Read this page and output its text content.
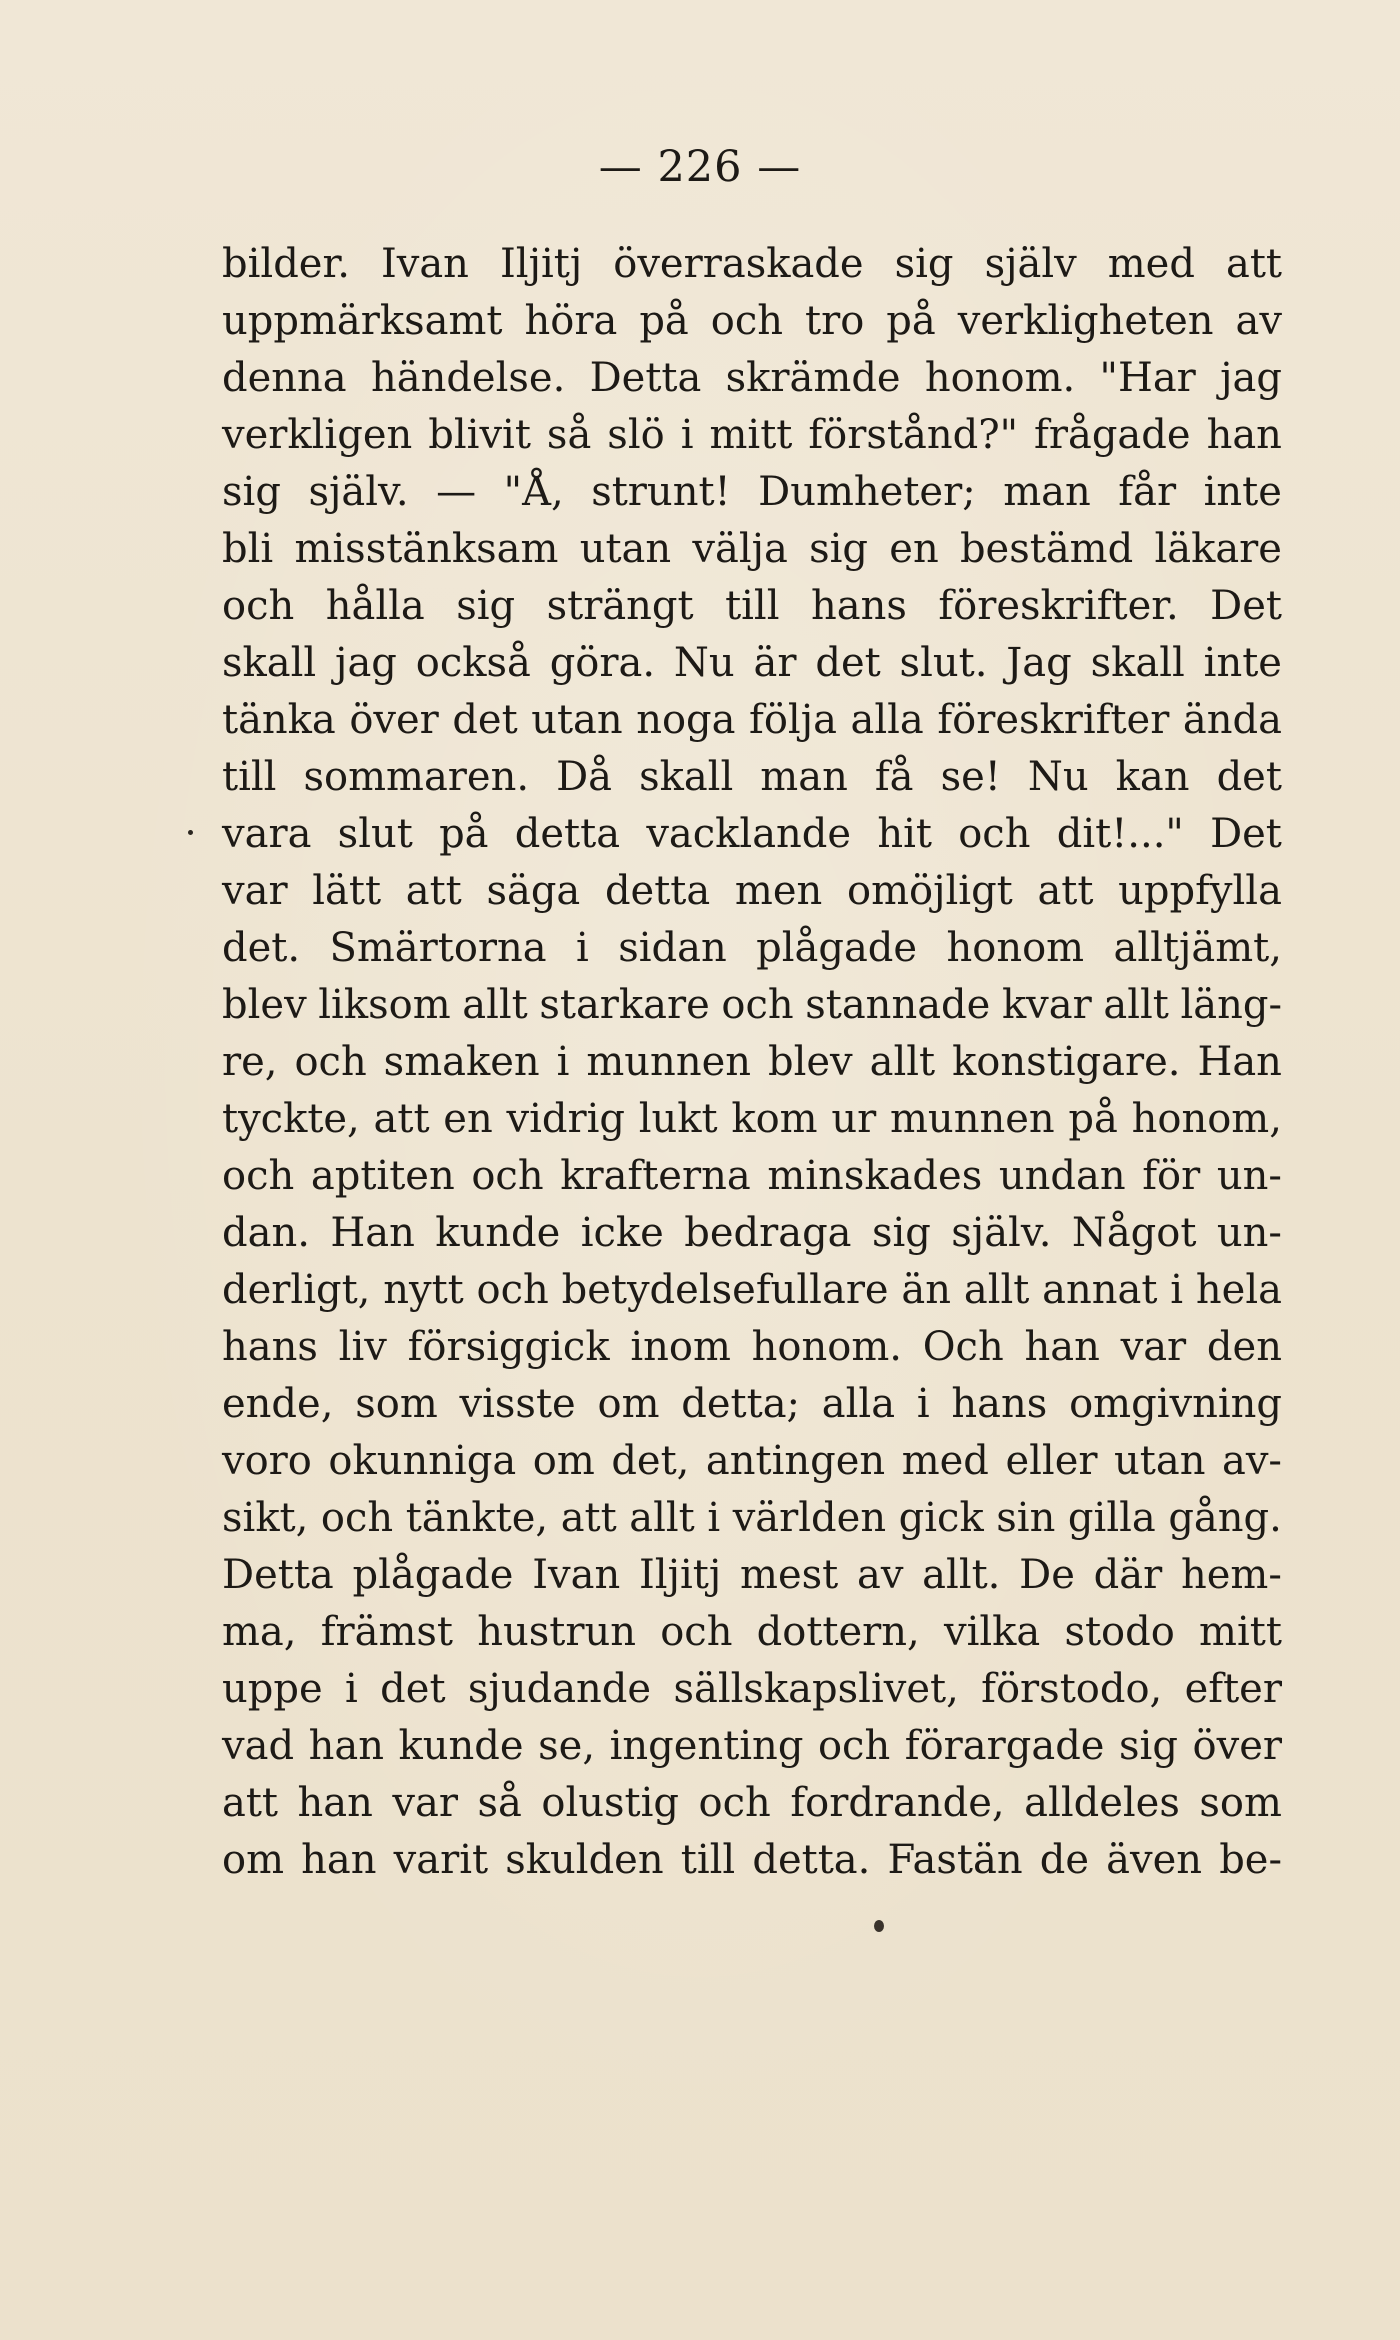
— 226 —
bilder. Ivan Iljitj överraskade sig själv med att
uppmärksamt höra på och tro på verkligheten av
denna händelse. Detta skrämde honom. "Har jag
verkligen blivit så slö i mitt förstånd?" frågade han
sig själv. — "Å, strunt! Dumheter; man får inte
bli misstänksam utan välja sig en bestämd läkare
och hålla sig strängt till hans föreskrifter. Det
skall jag också göra. Nu är det slut. Jag skall inte
tänka över det utan noga följa alla föreskrifter ända
till sommaren. Då skall man få se! Nu kan det
vara slut på detta vacklande hit och dit!..." Det
var lätt att säga detta men omöjligt att uppfylla
det. Smärtorna i sidan plågade honom alltjämt,
blev liksom allt starkare och stannade kvar allt läng-
re, och smaken i munnen blev allt konstigare. Han
tyckte, att en vidrig lukt kom ur munnen på honom,
och aptiten och krafterna minskades undan för un-
dan. Han kunde icke bedraga sig själv. Något un-
derligt, nytt och betydelsefullare än allt annat i hela
hans liv försiggick inom honom. Och han var den
ende, som visste om detta; alla i hans omgivning
voro okunniga om det, antingen med eller utan av-
sikt, och tänkte, att allt i världen gick sin gilla gång.
Detta plågade Ivan Iljitj mest av allt. De där hem-
ma, främst hustrun och dottern, vilka stodo mitt
uppe i det sjudande sällskapslivet, förstodo, efter
vad han kunde se, ingenting och förargade sig över
att han var så olustig och fordrande, alldeles som
om han varit skulden till detta. Fastän de även be-
